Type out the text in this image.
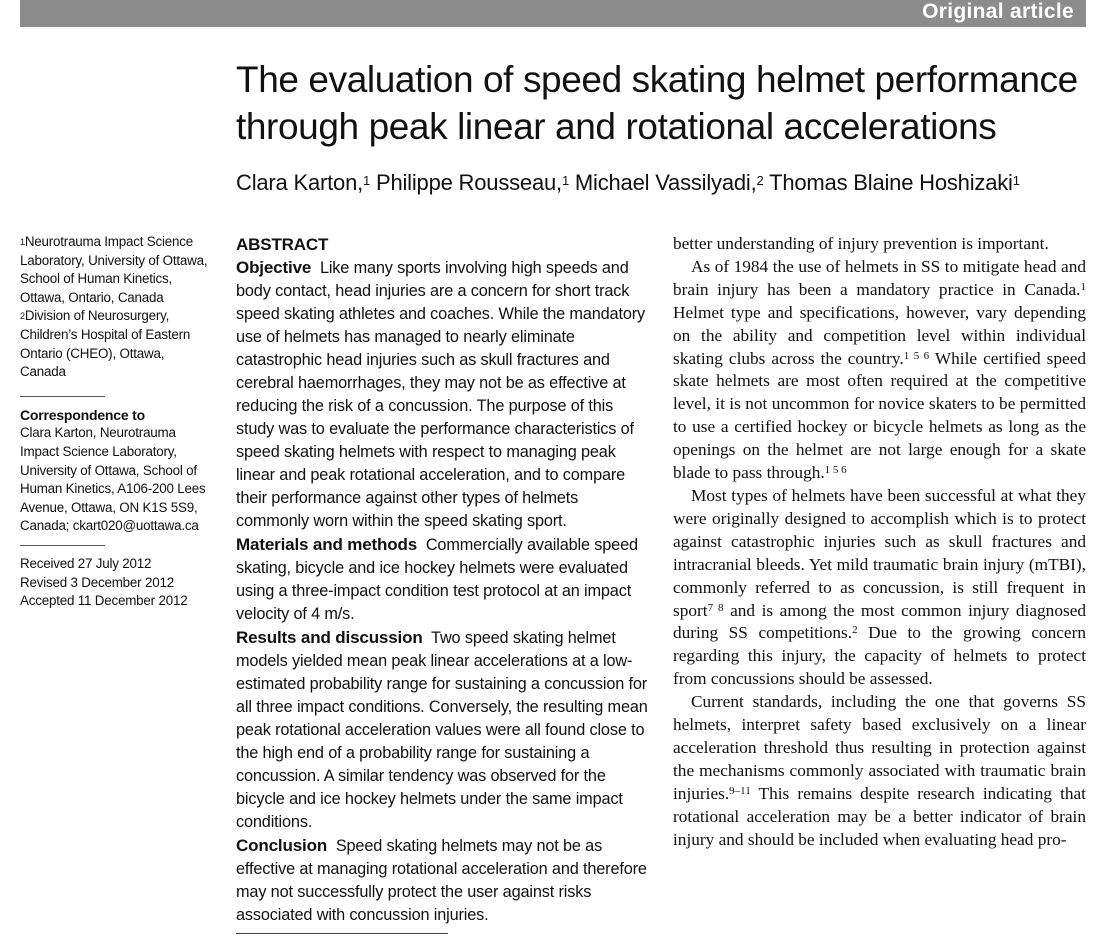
Original article
The evaluation of speed skating helmet performance through peak linear and rotational accelerations
Clara Karton,$^1$ Philippe Rousseau,$^1$ Michael Vassilyadi,$^2$ Thomas Blaine Hoshizaki$^1$

$^1$Neurotrauma Impact Science Laboratory, University of Ottawa, School of Human Kinetics, Ottawa, Ontario, Canada

$^2$Division of Neurosurgery, Children’s Hospital of Eastern Ontario (CHEO), Ottawa, Canada

Correspondence to

Clara Karton, Neurotrauma Impact Science Laboratory, University of Ottawa, School of Human Kinetics, A106-200 Lees Avenue, Ottawa, ON K1S 5S9, Canada; ckart020@uottawa.ca

Received 27 July 2012

Revised 3 December 2012

Accepted 11 December 2012

ABSTRACT

Objective Like many sports involving high speeds and body contact, head injuries are a concern for short track speed skating athletes and coaches. While the mandatory use of helmets has managed to nearly eliminate catastrophic head injuries such as skull fractures and cerebral haemorrhages, they may not be as effective at reducing the risk of a concussion. The purpose of this study was to evaluate the performance characteristics of speed skating helmets with respect to managing peak linear and peak rotational acceleration, and to compare their performance against other types of helmets commonly worn within the speed skating sport.

Materials and methods Commercially available speed skating, bicycle and ice hockey helmets were evaluated using a three-impact condition test protocol at an impact velocity of 4 m/s.

Results and discussion Two speed skating helmet models yielded mean peak linear accelerations at a low-estimated probability range for sustaining a concussion for all three impact conditions. Conversely, the resulting mean peak rotational acceleration values were all found close to the high end of a probability range for sustaining a concussion. A similar tendency was observed for the bicycle and ice hockey helmets under the same impact conditions.

Conclusion Speed skating helmets may not be as effective at managing rotational acceleration and therefore may not successfully protect the user against risks associated with concussion injuries.

better understanding of injury prevention is important.

As of 1984 the use of helmets in SS to mitigate head and brain injury has been a mandatory practice in Canada.$^1$ Helmet type and specifications, however, vary depending on the ability and competition level within individual skating clubs across the country.$^{1 5 6}$ While certified speed skate helmets are most often required at the competitive level, it is not uncommon for novice skaters to be permitted to use a certified hockey or bicycle helmets as long as the openings on the helmet are not large enough for a skate blade to pass through.$^{1 5 6}$

Most types of helmets have been successful at what they were originally designed to accomplish which is to protect against catastrophic injuries such as skull fractures and intracranial bleeds. Yet mild traumatic brain injury (mTBI), commonly referred to as concussion, is still frequent in sport$^{7 8}$ and is among the most common injury diagnosed during SS competitions.$^2$ Due to the growing concern regarding this injury, the capacity of helmets to protect from concussions should be assessed.

Current standards, including the one that governs SS helmets, interpret safety based exclusively on a linear acceleration threshold thus resulting in protection against the mechanisms commonly associated with traumatic brain injuries.$^{9-11}$ This remains despite research indicating that rotational acceleration may be a better indicator of brain injury and should be included when evaluating head pro-
